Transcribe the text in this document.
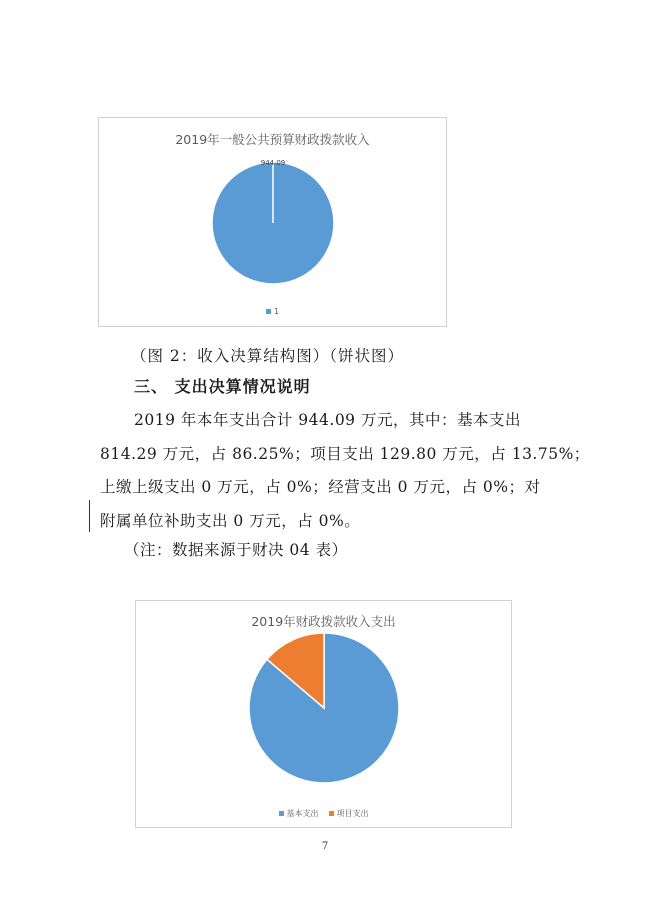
2019年一般公共预算财政拨款收入
944.09
1
（图 2：收入决算结构图）（饼状图）
三、 支出决算情况说明
2019 年本年支出合计 944.09 万元，其中：基本支出
814.29 万元，占 86.25%；项目支出 129.80 万元，占 13.75%；
上缴上级支出 0 万元，占 0%；经营支出 0 万元，占 0%；对
附属单位补助支出 0 万元，占 0%。
（注：数据来源于财决 04 表）
2019年财政拨款收入支出
基本支出 项目支出
7
